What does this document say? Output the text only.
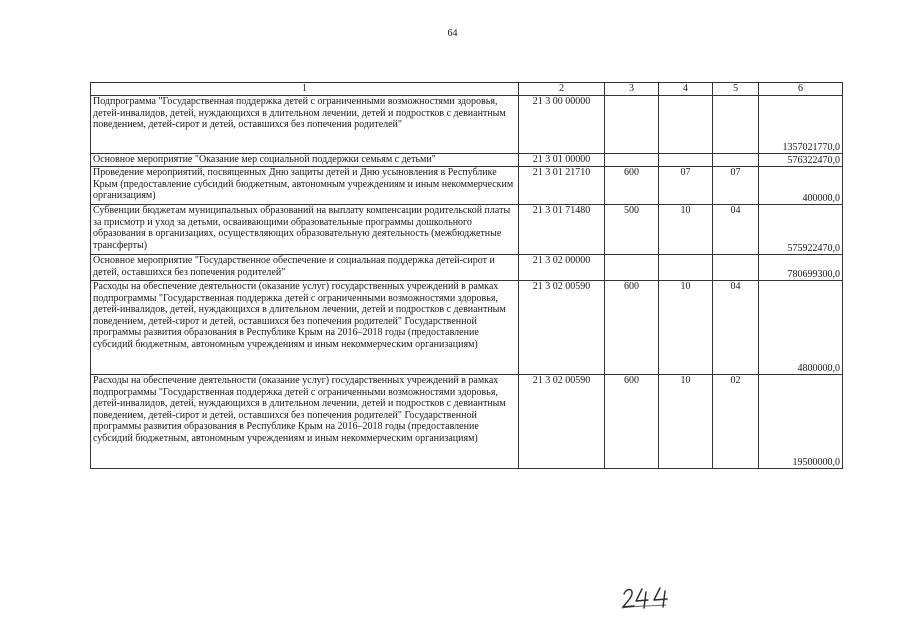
64
1	2	3	4	5	6
Подпрограмма "Государственная поддержка детей с ограниченными возможностями здоровья, детей-инвалидов, детей, нуждающихся в длительном лечении, детей и подростков с девиантным поведением, детей-сирот и детей, оставшихся без попечения родителей"	21 3 00 00000				1357021770,0
Основное мероприятие "Оказание мер социальной поддержки семьям с детьми"	21 3 01 00000				576322470,0
Проведение мероприятий, посвященных Дню защиты детей и Дню усыновления в Республике Крым (предоставление субсидий бюджетным, автономным учреждениям и иным некоммерческим организациям)	21 3 01 21710	600	07	07	400000,0
Субвенции бюджетам муниципальных образований на выплату компенсации родительской платы за присмотр и уход за детьми, осваивающими образовательные программы дошкольного образования в организациях, осуществляющих образовательную деятельность (межбюджетные трансферты)	21 3 01 71480	500	10	04	575922470,0
Основное мероприятие "Государственное обеспечение и социальная поддержка детей-сирот и детей, оставшихся без попечения родителей"	21 3 02 00000				780699300,0
Расходы на обеспечение деятельности (оказание услуг) государственных учреждений в рамках подпрограммы "Государственная поддержка детей с ограниченными возможностями здоровья, детей-инвалидов, детей, нуждающихся в длительном лечении, детей и подростков с девиантным поведением, детей-сирот и детей, оставшихся без попечения родителей" Государственной программы развития образования в Республике Крым на 2016–2018 годы (предоставление субсидий бюджетным, автономным учреждениям и иным некоммерческим организациям)	21 3 02 00590	600	10	04	4800000,0
Расходы на обеспечение деятельности (оказание услуг) государственных учреждений в рамках подпрограммы "Государственная поддержка детей с ограниченными возможностями здоровья, детей-инвалидов, детей, нуждающихся в длительном лечении, детей и подростков с девиантным поведением, детей-сирот и детей, оставшихся без попечения родителей" Государственной программы развития образования в Республике Крым на 2016–2018 годы (предоставление субсидий бюджетным, автономным учреждениям и иным некоммерческим организациям)	21 3 02 00590	600	10	02	19500000,0
